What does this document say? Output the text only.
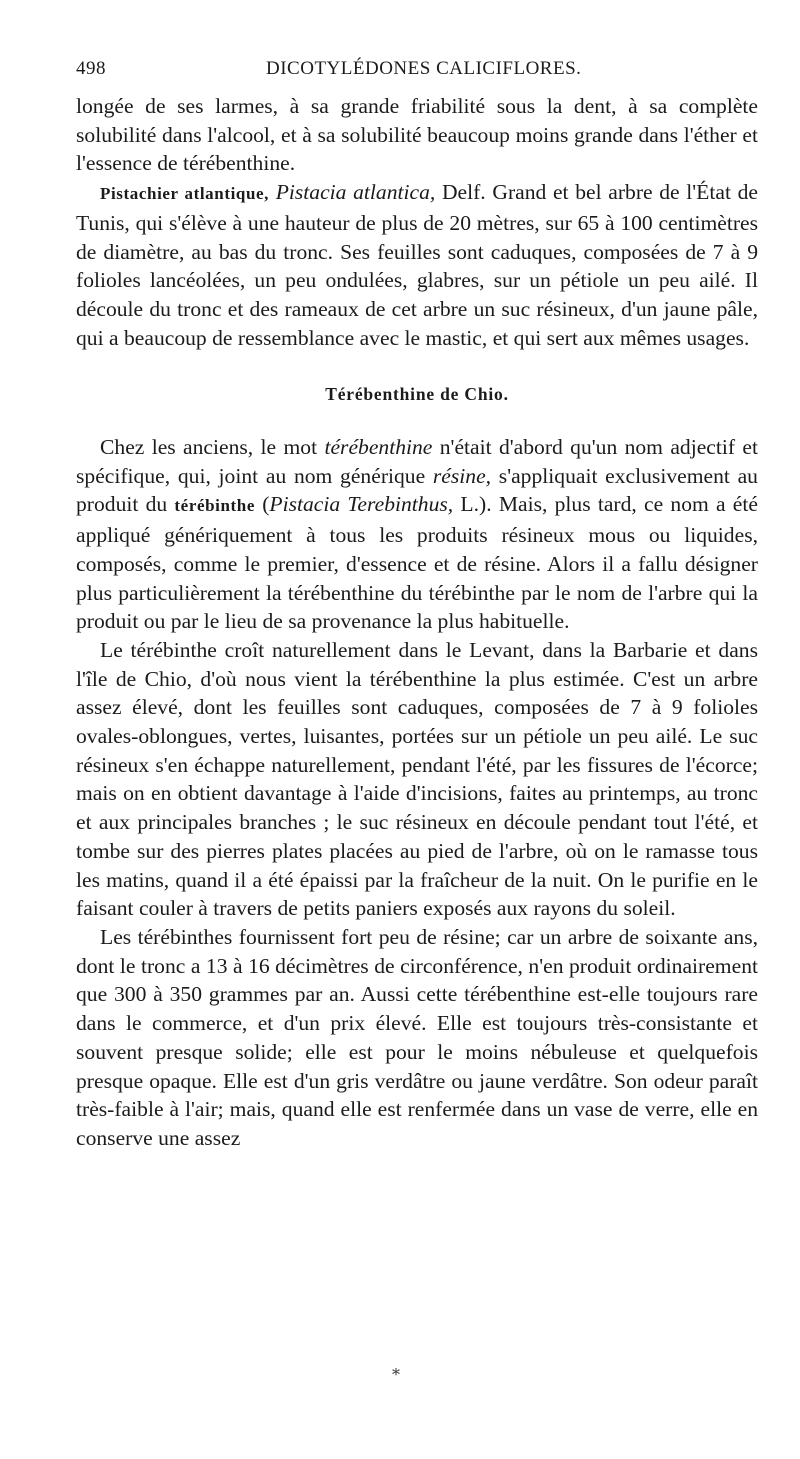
498	DICOTYLÉDONES CALICIFLORES.

longée de ses larmes, à sa grande friabilité sous la dent, à sa complète solubilité dans l'alcool, et à sa solubilité beaucoup moins grande dans l'éther et l'essence de térébenthine.

Pistachier atlantique, Pistacia atlantica, Delf. Grand et bel arbre de l'État de Tunis, qui s'élève à une hauteur de plus de 20 mètres, sur 65 à 100 centimètres de diamètre, au bas du tronc. Ses feuilles sont caduques, composées de 7 à 9 folioles lancéolées, un peu ondulées, glabres, sur un pétiole un peu ailé. Il découle du tronc et des rameaux de cet arbre un suc résineux, d'un jaune pâle, qui a beaucoup de ressemblance avec le mastic, et qui sert aux mêmes usages.

Térébenthine de Chio.

Chez les anciens, le mot térébenthine n'était d'abord qu'un nom adjectif et spécifique, qui, joint au nom générique résine, s'appliquait exclusivement au produit du térébinthe (Pistacia Terebinthus, L.). Mais, plus tard, ce nom a été appliqué génériquement à tous les produits résineux mous ou liquides, composés, comme le premier, d'essence et de résine. Alors il a fallu désigner plus particulièrement la térébenthine du térébinthe par le nom de l'arbre qui la produit ou par le lieu de sa provenance la plus habituelle.

Le térébinthe croît naturellement dans le Levant, dans la Barbarie et dans l'île de Chio, d'où nous vient la térébenthine la plus estimée. C'est un arbre assez élevé, dont les feuilles sont caduques, composées de 7 à 9 folioles ovales-oblongues, vertes, luisantes, portées sur un pétiole un peu ailé. Le suc résineux s'en échappe naturellement, pendant l'été, par les fissures de l'écorce; mais on en obtient davantage à l'aide d'incisions, faites au printemps, au tronc et aux principales branches ; le suc résineux en découle pendant tout l'été, et tombe sur des pierres plates placées au pied de l'arbre, où on le ramasse tous les matins, quand il a été épaissi par la fraîcheur de la nuit. On le purifie en le faisant couler à travers de petits paniers exposés aux rayons du soleil.

Les térébinthes fournissent fort peu de résine; car un arbre de soixante ans, dont le tronc a 13 à 16 décimètres de circonférence, n'en produit ordinairement que 300 à 350 grammes par an. Aussi cette térébenthine est-elle toujours rare dans le commerce, et d'un prix élevé. Elle est toujours très-consistante et souvent presque solide; elle est pour le moins nébuleuse et quelquefois presque opaque. Elle est d'un gris verdâtre ou jaune verdâtre. Son odeur paraît très-faible à l'air; mais, quand elle est renfermée dans un vase de verre, elle en conserve une assez

*
